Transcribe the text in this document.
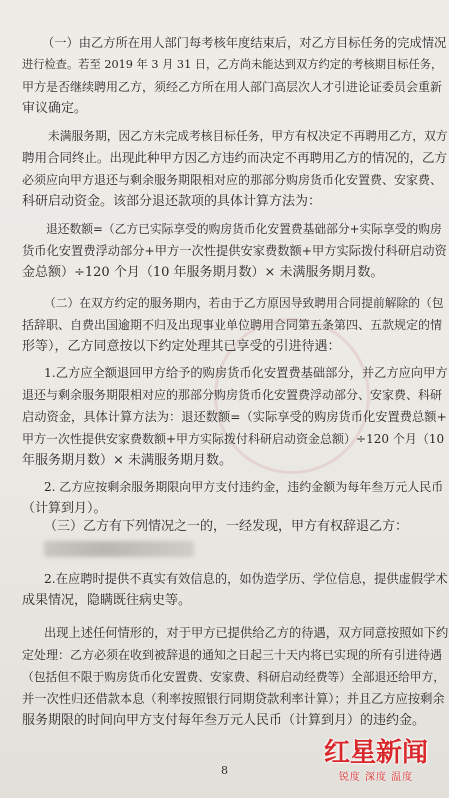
（一）由乙方所在用人部门每考核年度结束后，对乙方目标任务的完成情况

进行检查。若至 2019 年 3 月 31 日，乙方尚未能达到双方约定的考核期目标任务，

甲方是否继续聘用乙方，须经乙方所在用人部门高层次人才引进论证委员会重新

审议确定。

未满服务期，因乙方未完成考核目标任务，甲方有权决定不再聘用乙方，双方

聘用合同终止。出现此种甲方因乙方违约而决定不再聘用乙方的情况的，乙方

必须应向甲方退还与剩余服务期限相对应的那部分购房货币化安置费、安家费、

科研启动资金。该部分退还款项的具体计算方法为：

退还数额=（乙方已实际享受的购房货币化安置费基础部分+实际享受的购房

货币化安置费浮动部分+甲方一次性提供安家费数额+甲方实际拨付科研启动资

金总额）÷120 个月（10 年服务期月数）× 未满服务期月数。

（二）在双方约定的服务期内，若由于乙方原因导致聘用合同提前解除的（包

括辞职、自费出国逾期不归及出现事业单位聘用合同第五条第四、五款规定的情

形等），乙方同意按以下约定处理其已享受的引进待遇：

1.乙方应全额退回甲方给予的购房货币化安置费基础部分，并乙方应向甲方

退还与剩余服务期限相对应的那部分购房货币化安置费浮动部分、安家费、科研

启动资金，具体计算方法为：退还数额=（实际享受的购房货币化安置费总额+

甲方一次性提供安家费数额+甲方实际拨付科研启动资金总额）÷120 个月（10

年服务期月数）× 未满服务期月数。

2. 乙方应按剩余服务期限向甲方支付违约金，违约金额为每年叁万元人民币

（计算到月）。

（三）乙方有下列情况之一的，一经发现，甲方有权辞退乙方：

2.在应聘时提供不真实有效信息的，如伪造学历、学位信息，提供虚假学术

成果情况，隐瞒既往病史等。

出现上述任何情形的，对于甲方已提供给乙方的待遇，双方同意按照如下约

定处理：乙方必须在收到被辞退的通知之日起三十天内将已实现的所有引进待遇

（包括但不限于购房货币化安置费、安家费、科研启动经费等）全部退还给甲方，

并一次性归还借款本息（利率按照银行同期贷款利率计算）；并且乙方应按剩余

服务期限的时间向甲方支付每年叁万元人民币（计算到月）的违约金。

8
红星新闻
锐度 深度 温度
